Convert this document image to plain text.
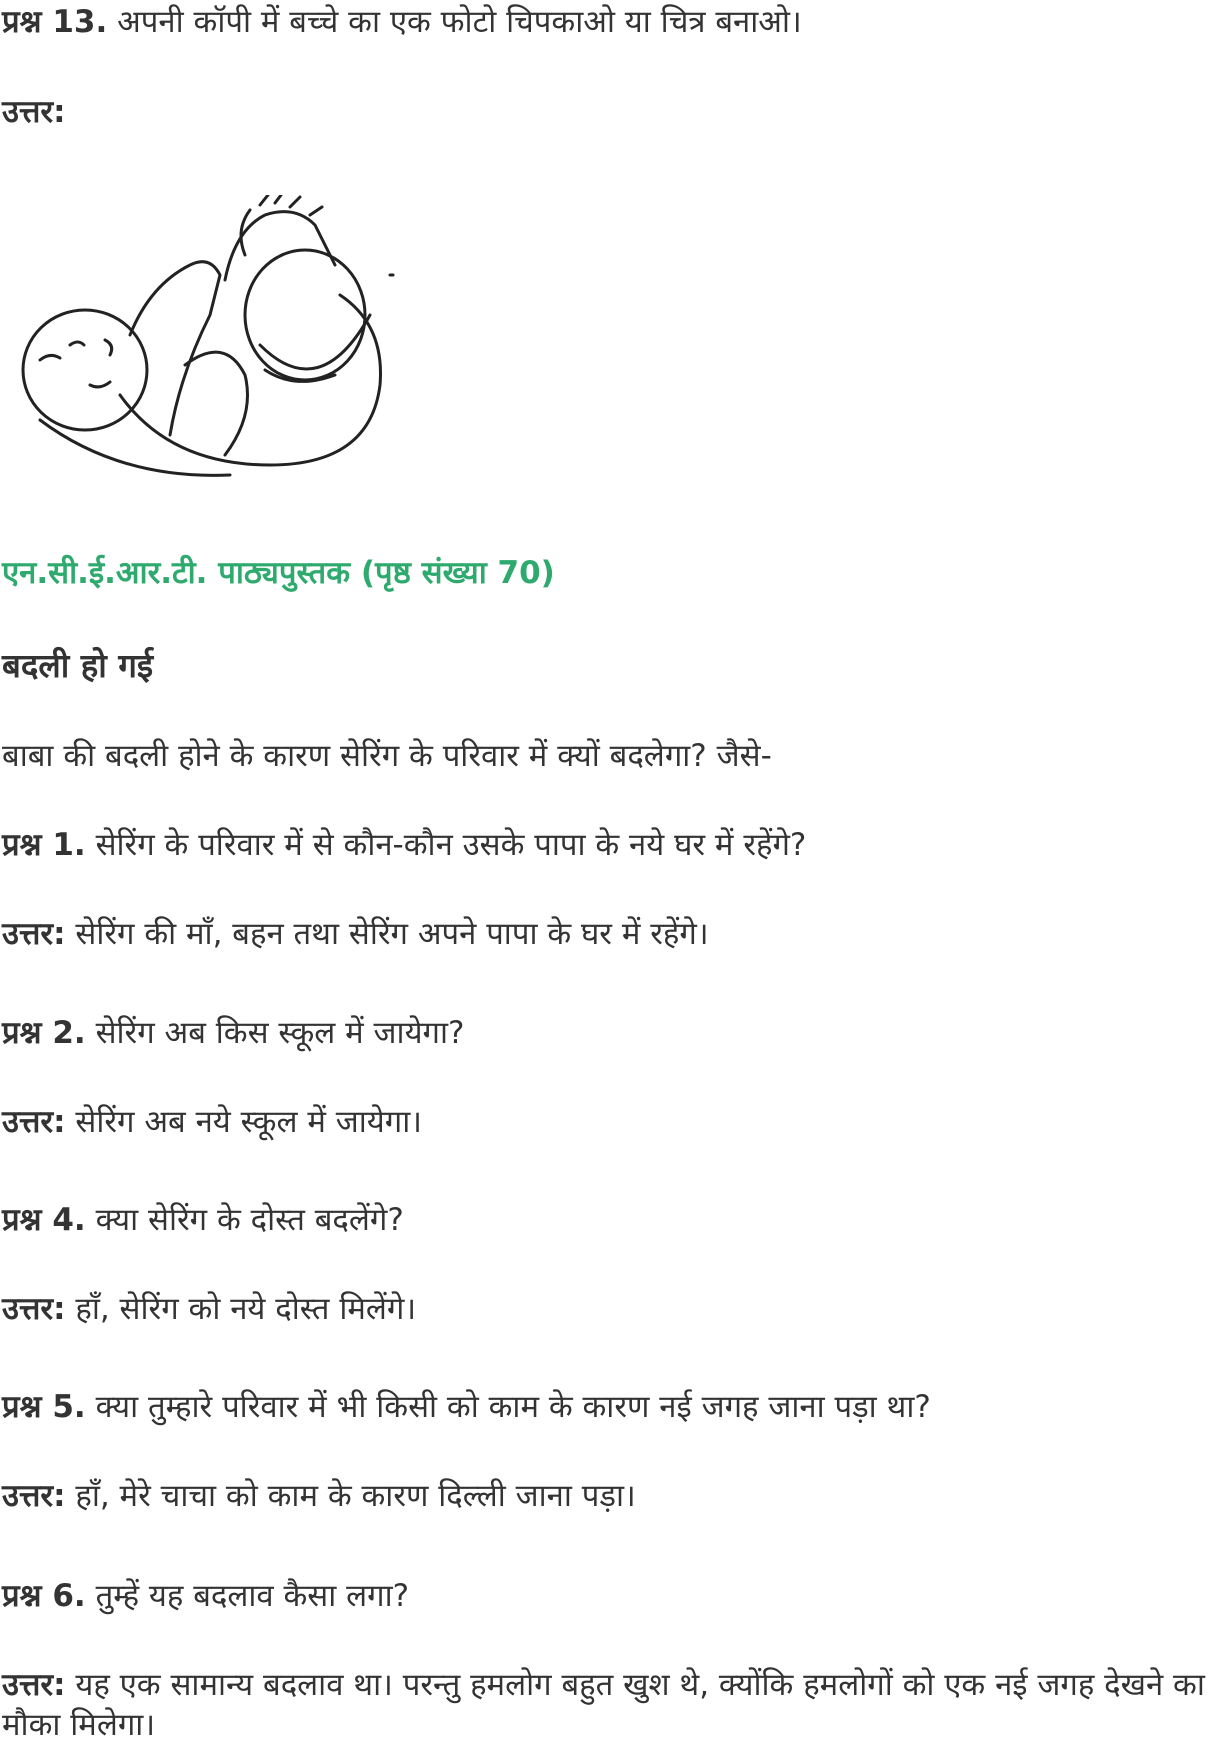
प्रश्न 13. अपनी कॉपी में बच्चे का एक फोटो चिपकाओ या चित्र बनाओ।
उत्तर:
एन.सी.ई.आर.टी. पाठ्यपुस्तक (पृष्ठ संख्या 70)
बदली हो गई
बाबा की बदली होने के कारण सेरिंग के परिवार में क्यों बदलेगा? जैसे-
प्रश्न 1. सेरिंग के परिवार में से कौन-कौन उसके पापा के नये घर में रहेंगे?
उत्तर: सेरिंग की माँ, बहन तथा सेरिंग अपने पापा के घर में रहेंगे।
प्रश्न 2. सेरिंग अब किस स्कूल में जायेगा?
उत्तर: सेरिंग अब नये स्कूल में जायेगा।
प्रश्न 4. क्या सेरिंग के दोस्त बदलेंगे?
उत्तर: हाँ, सेरिंग को नये दोस्त मिलेंगे।
प्रश्न 5. क्या तुम्हारे परिवार में भी किसी को काम के कारण नई जगह जाना पड़ा था?
उत्तर: हाँ, मेरे चाचा को काम के कारण दिल्ली जाना पड़ा।
प्रश्न 6. तुम्हें यह बदलाव कैसा लगा?
उत्तर: यह एक सामान्य बदलाव था। परन्तु हमलोग बहुत खुश थे, क्योंकि हमलोगों को एक नई जगह देखने का मौका मिलेगा।
